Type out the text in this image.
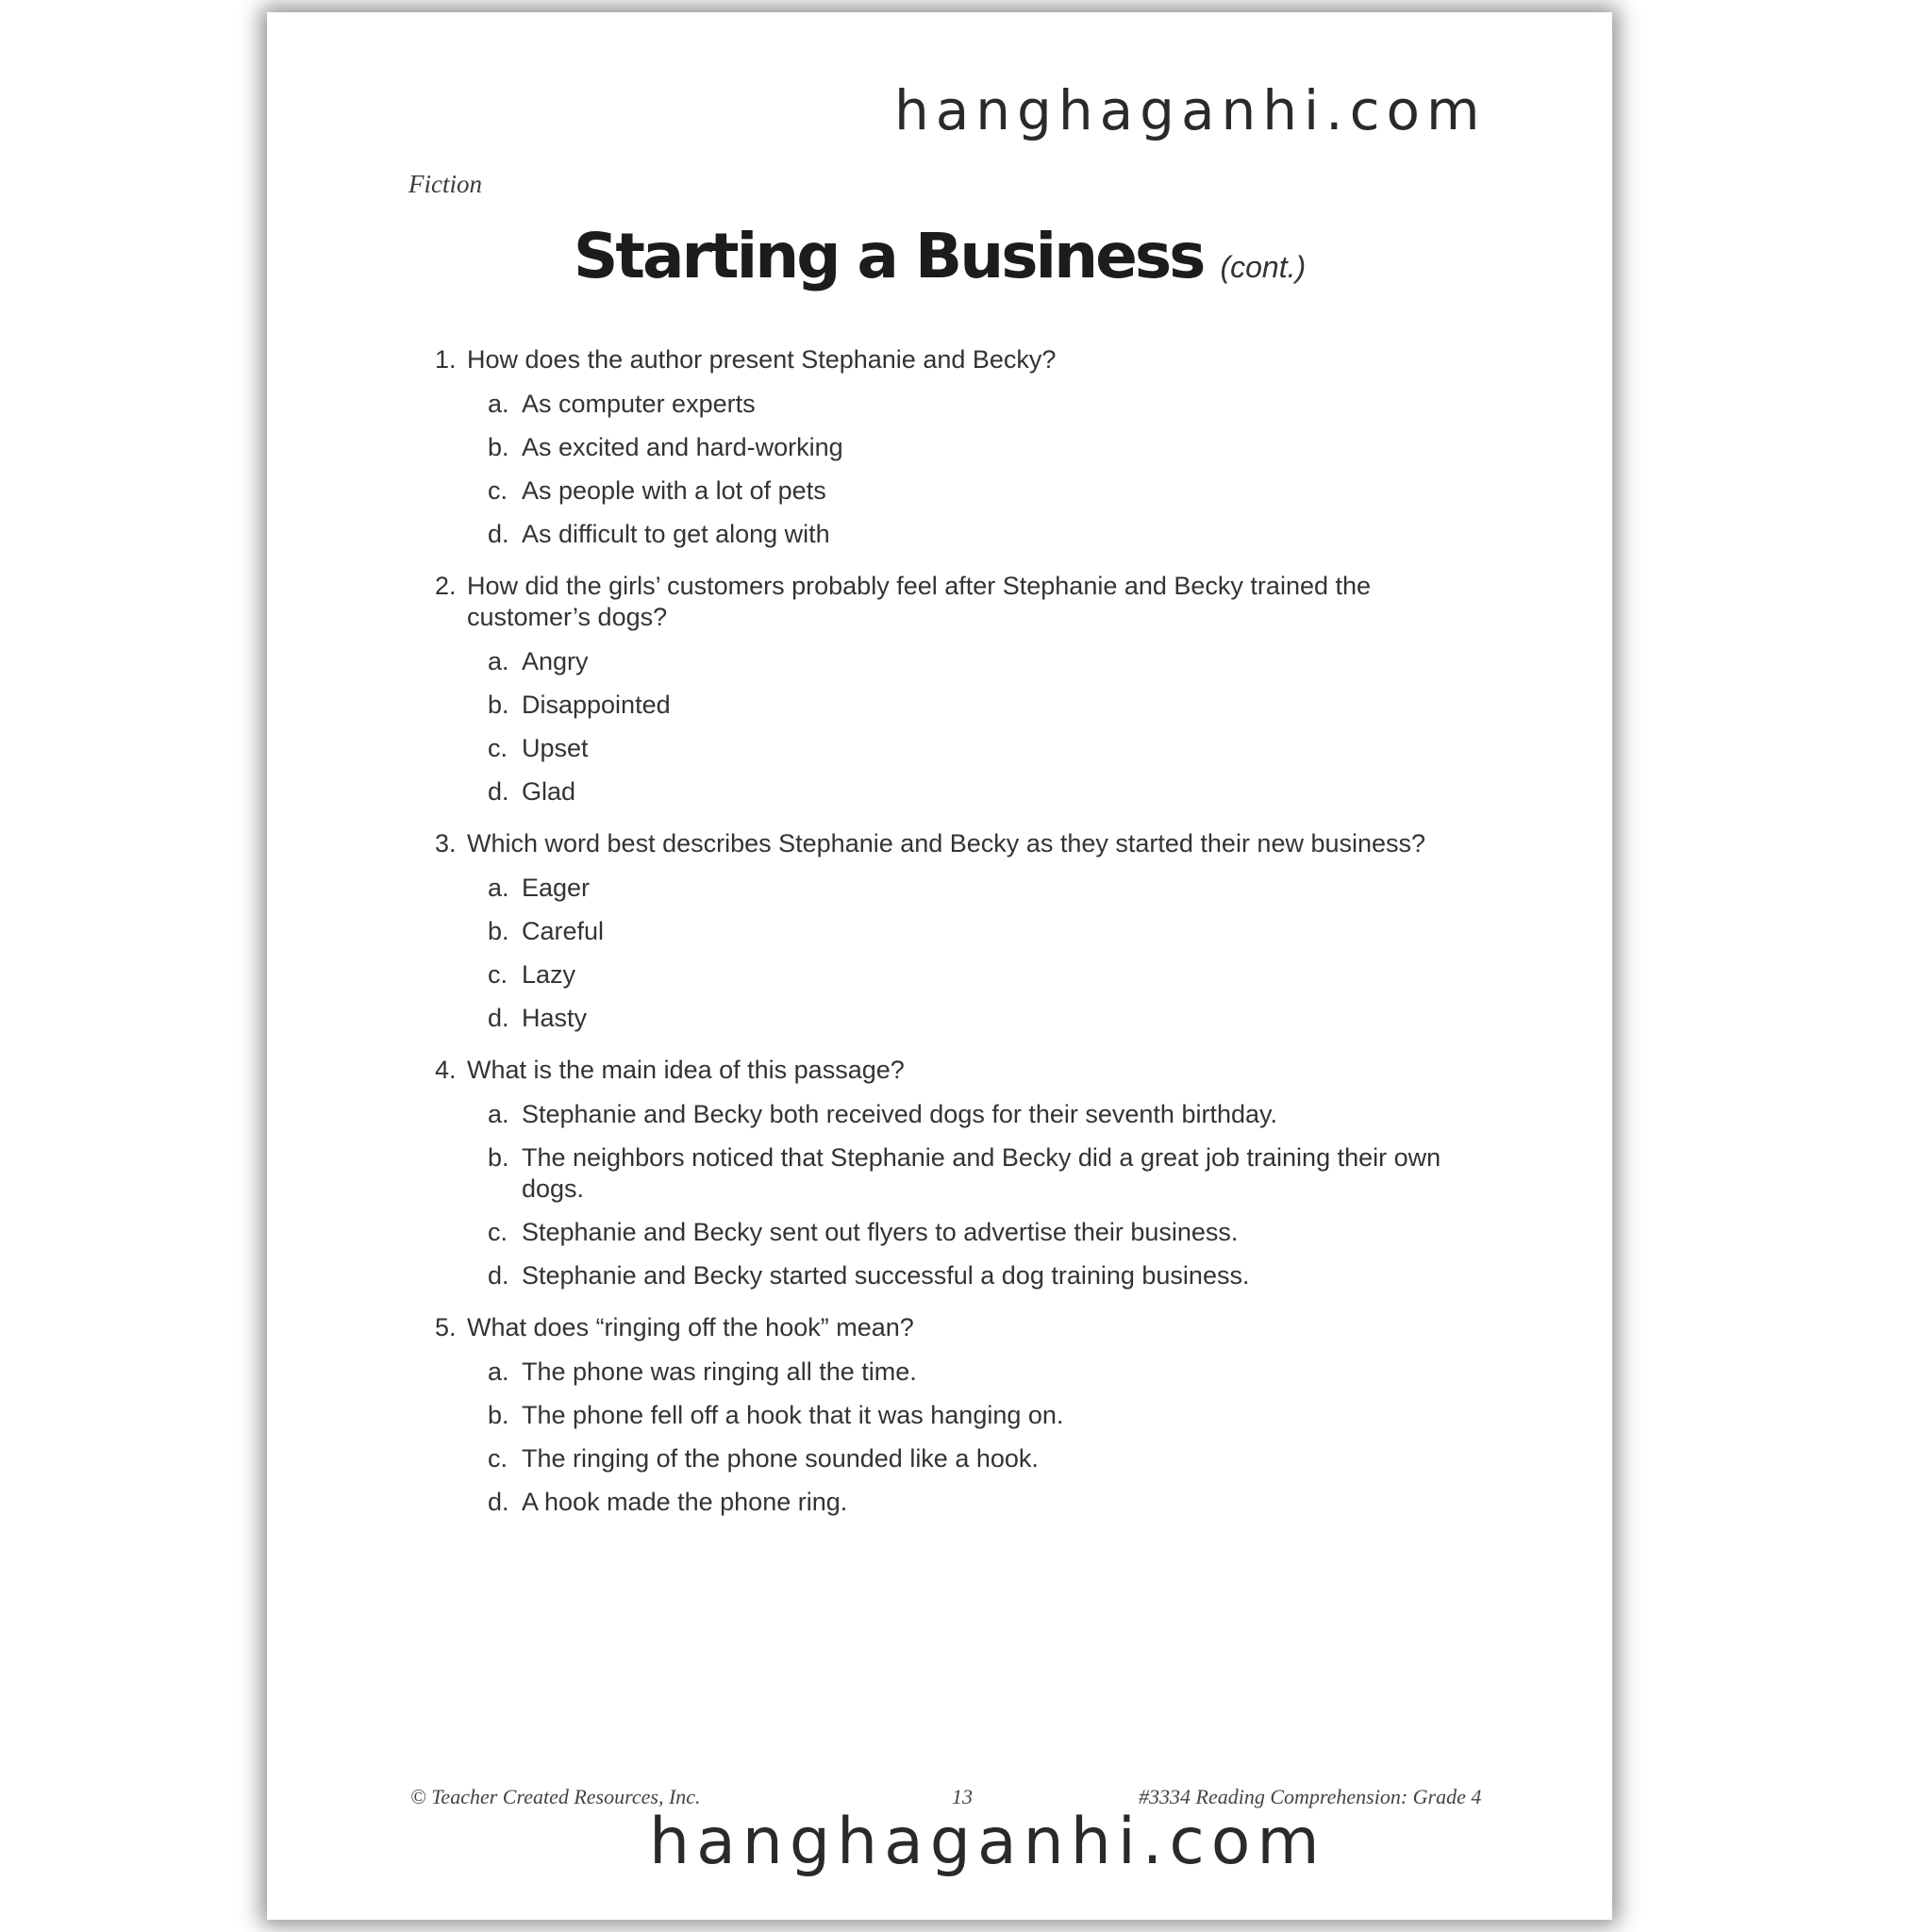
hanghaganhi.com
Fiction
Starting a Business (cont.)
1. How does the author present Stephanie and Becky?
a. As computer experts
b. As excited and hard-working
c. As people with a lot of pets
d. As difficult to get along with
2. How did the girls’ customers probably feel after Stephanie and Becky trained the customer’s dogs?
a. Angry
b. Disappointed
c. Upset
d. Glad
3. Which word best describes Stephanie and Becky as they started their new business?
a. Eager
b. Careful
c. Lazy
d. Hasty
4. What is the main idea of this passage?
a. Stephanie and Becky both received dogs for their seventh birthday.
b. The neighbors noticed that Stephanie and Becky did a great job training their own dogs.
c. Stephanie and Becky sent out flyers to advertise their business.
d. Stephanie and Becky started successful a dog training business.
5. What does “ringing off the hook” mean?
a. The phone was ringing all the time.
b. The phone fell off a hook that it was hanging on.
c. The ringing of the phone sounded like a hook.
d. A hook made the phone ring.
© Teacher Created Resources, Inc.	13	#3334 Reading Comprehension: Grade 4
hanghaganhi.com
